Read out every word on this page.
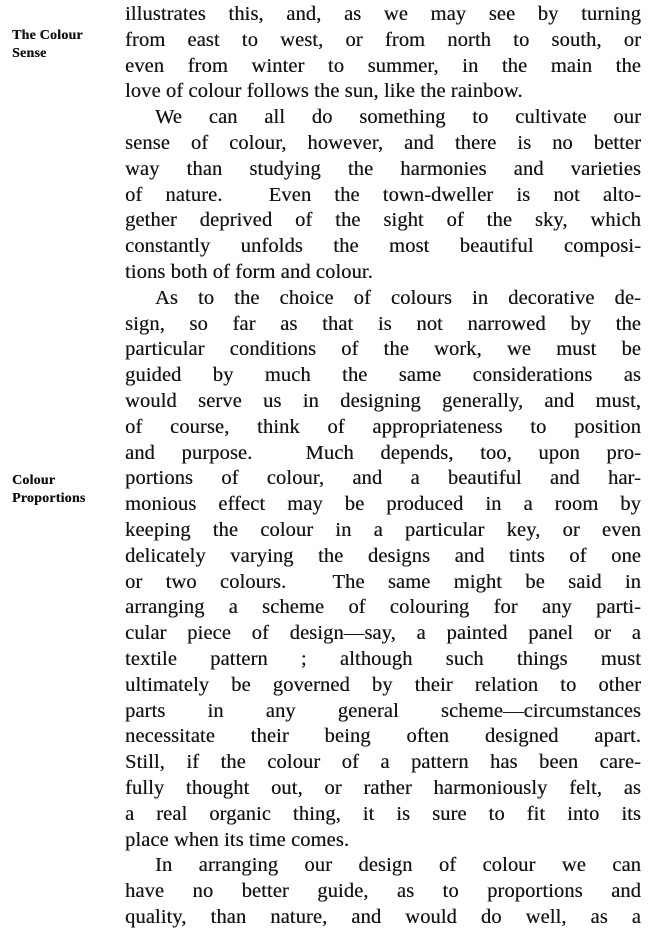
The Colour
Sense
Colour
Proportions
illustrates this, and, as we may see by turning
from east to west, or from north to south, or
even from winter to summer, in the main the
love of colour follows the sun, like the rainbow.
We can all do something to cultivate our
sense of colour, however, and there is no better
way than studying the harmonies and varieties
of nature.  Even the town-dweller is not alto-
gether deprived of the sight of the sky, which
constantly unfolds the most beautiful composi-
tions both of form and colour.
As to the choice of colours in decorative de-
sign, so far as that is not narrowed by the
particular conditions of the work, we must be
guided by much the same considerations as
would serve us in designing generally, and must,
of course, think of appropriateness to position
and purpose.  Much depends, too, upon pro-
portions of colour, and a beautiful and har-
monious effect may be produced in a room by
keeping the colour in a particular key, or even
delicately varying the designs and tints of one
or two colours.  The same might be said in
arranging a scheme of colouring for any parti-
cular piece of design—say, a painted panel or a
textile pattern ; although such things must
ultimately be governed by their relation to other
parts in any general scheme—circumstances
necessitate their being often designed apart.
Still, if the colour of a pattern has been care-
fully thought out, or rather harmoniously felt, as
a real organic thing, it is sure to fit into its
place when its time comes.
In arranging our design of colour we can
have no better guide, as to proportions and
quality, than nature, and would do well, as a
